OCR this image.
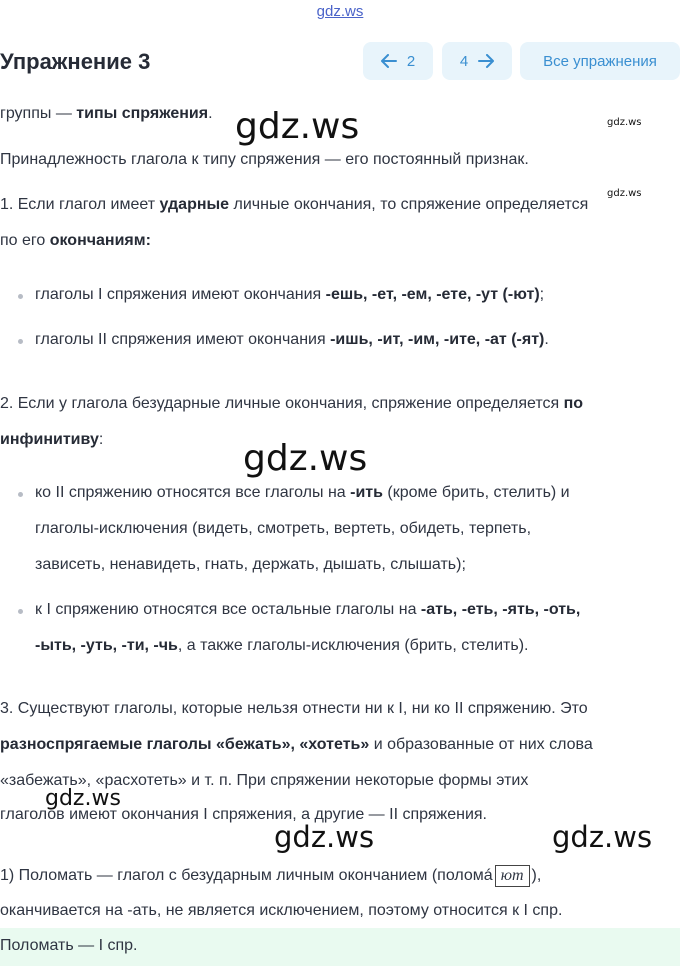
gdz.ws
Упражнение 3	2	4	Все упражнения
группы — типы спряжения.
Принадлежность глагола к типу спряжения — его постоянный признак.
1. Если глагол имеет ударные личные окончания, то спряжение определяется
по его окончаниям:
глаголы I спряжения имеют окончания -ешь, -ет, -ем, -ете, -ут (-ют);
глаголы II спряжения имеют окончания -ишь, -ит, -им, -ите, -ат (-ят).
2. Если у глагола безударные личные окончания, спряжение определяется по
инфинитиву:
ко II спряжению относятся все глаголы на -ить (кроме брить, стелить) и
глаголы-исключения (видеть, смотреть, вертеть, обидеть, терпеть,
зависеть, ненавидеть, гнать, держать, дышать, слышать);
к I спряжению относятся все остальные глаголы на -ать, -еть, -ять, -оть,
-ыть, -уть, -ти, -чь, а также глаголы-исключения (брить, стелить).
3. Существуют глаголы, которые нельзя отнести ни к I, ни ко II спряжению. Это
разноспрягаемые глаголы «бежать», «хотеть» и образованные от них слова
«забежать», «расхотеть» и т. п. При спряжении некоторые формы этих
глаголов имеют окончания I спряжения, а другие — II спряжения.
1) Поломать — глагол с безударным личным окончанием (поломá ют ),
оканчивается на -ать, не является исключением, поэтому относится к I спр.
Поломать — I спр.
gdz.ws
gdz.ws
gdz.ws	gdz.ws
gdz.ws
gdz.ws
gdz.ws
